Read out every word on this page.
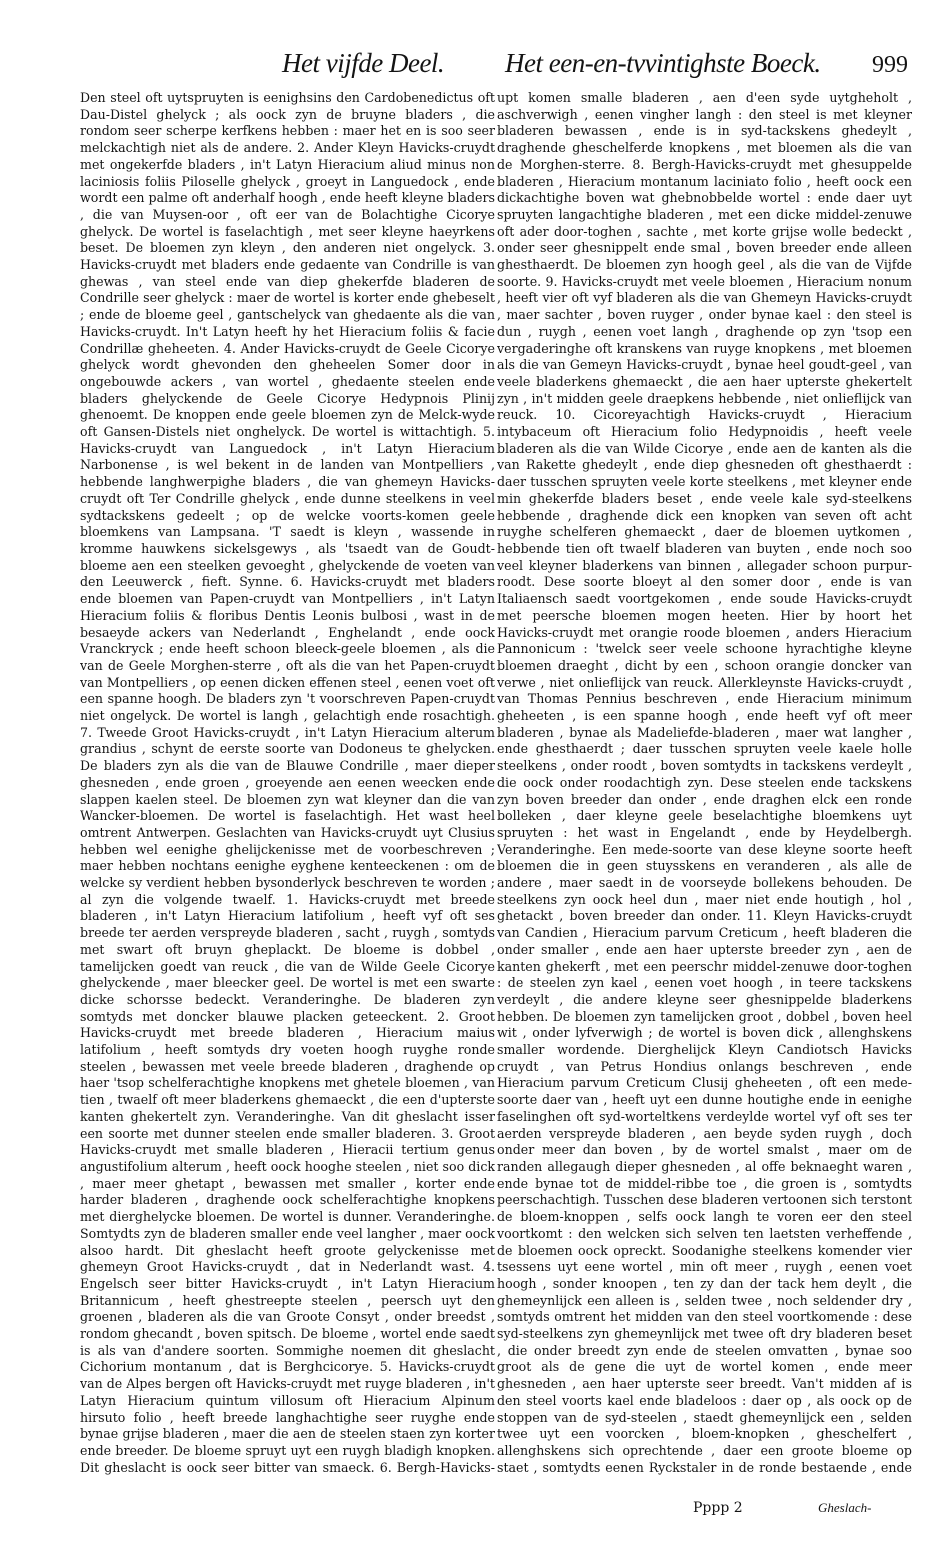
Het vijfde Deel. Het een-en-tvvintighste Boeck. 999

Den steel oft uytspruyten is eenighsins den Cardobenedictus oft Dau-Distel ghelyck ; als oock zyn de bruyne bladers , die rondom seer scherpe kerfkens hebben : maer het en is soo seer melckachtigh niet als de andere. 2. Ander Kleyn Havicks-cruydt met ongekerfde bladers , in't Latyn Hieracium aliud minus non laciniosis foliis Piloselle ghelyck , groeyt in Languedock , ende wordt een palme oft anderhalf hoogh , ende heeft kleyne bladers , die van Muysen-oor , oft eer van de Bolachtighe Cicorye ghelyck. De wortel is faselachtigh , met seer kleyne haeyrkens beset. De bloemen zyn kleyn , den anderen niet ongelyck. 3. Havicks-cruydt met bladers ende gedaente van Condrille is van ghewas , van steel ende van diep ghekerfde bladeren de Condrille seer ghelyck : maer de wortel is korter ende ghebeselt ; ende de bloeme geel , gantschelyck van ghedaente als die van Havicks-cruydt. In't Latyn heeft hy het Hieracium foliis & facie Condrillæ gheheeten. 4. Ander Havicks-cruydt de Geele Cicorye ghelyck wordt ghevonden den gheheelen Somer door in ongebouwde ackers , van wortel , ghedaente steelen ende bladers ghelyckende de Geele Cicorye Hedypnois Plinij ghenoemt. De knoppen ende geele bloemen zyn de Melck-wyde oft Gansen-Distels niet onghelyck. De wortel is wittachtigh. 5. Havicks-cruydt van Languedock , in't Latyn Hieracium Narbonense , is wel bekent in de landen van Montpelliers , hebbende langhwerpighe bladers , die van ghemeyn Havicks-cruydt oft Ter Condrille ghelyck , ende dunne steelkens in veel sydtackskens gedeelt ; op de welcke voorts-komen geele bloemkens van Lampsana. 'T saedt is kleyn , wassende in kromme hauwkens sickelsgewys , als 'tsaedt van de Goudt-bloeme aen een steelken gevoeght , ghelyckende de voeten van den Leeuwerck , fieft. Synne. 6. Havicks-cruydt met bladers ende bloemen van Papen-cruydt van Montpelliers , in't Latyn Hieracium foliis & floribus Dentis Leonis bulbosi , wast in de besaeyde ackers van Nederlandt , Enghelandt , ende oock Vranckryck ; ende heeft schoon bleeck-geele bloemen , als die van de Geele Morghen-sterre , oft als die van het Papen-cruydt van Montpelliers , op eenen dicken effenen steel , eenen voet oft een spanne hoogh. De bladers zyn 't voorschreven Papen-cruydt niet ongelyck. De wortel is langh , gelachtigh ende rosachtigh. 7. Tweede Groot Havicks-cruydt , in't Latyn Hieracium alterum grandius , schynt de eerste soorte van Dodoneus te ghelycken. De bladers zyn als die van de Blauwe Condrille , maer dieper ghesneden , ende groen , groeyende aen eenen weecken ende slappen kaelen steel. De bloemen zyn wat kleyner dan die van Wancker-bloemen. De wortel is faselachtigh. Het wast heel omtrent Antwerpen. Geslachten van Havicks-cruydt uyt Clusius hebben wel eenighe ghelijckenisse met de voorbeschreven ; maer hebben nochtans eenighe eyghene kenteeckenen : om de welcke sy verdient hebben bysonderlyck beschreven te worden ; al zyn die volgende twaelf. 1. Havicks-cruydt met breede bladeren , in't Latyn Hieracium latifolium , heeft vyf oft ses breede ter aerden verspreyde bladeren , sacht , ruygh , somtyds met swart oft bruyn gheplackt. De bloeme is dobbel , tamelijcken goedt van reuck , die van de Wilde Geele Cicorye ghelyckende , maer bleecker geel. De wortel is met een swarte dicke schorsse bedeckt. Veranderinghe. De bladeren zyn somtyds met doncker blauwe placken geteeckent. 2. Groot Havicks-cruydt met breede bladeren , Hieracium maius latifolium , heeft somtyds dry voeten hoogh ruyghe ronde steelen , bewassen met veele breede bladeren , draghende op haer 'tsop schelferachtighe knopkens met ghetele bloemen , van tien , twaelf oft meer bladerkens ghemaeckt , die een d'upterste kanten ghekertelt zyn. Veranderinghe. Van dit gheslacht isser een soorte met dunner steelen ende smaller bladeren. 3. Groot Havicks-cruydt met smalle bladeren , Hieracii tertium genus angustifolium alterum , heeft oock hooghe steelen , niet soo dick , maer meer ghetapt , bewassen met smaller , korter ende harder bladeren , draghende oock schelferachtighe knopkens met dierghelycke bloemen. De wortel is dunner. Veranderinghe. Somtydts zyn de bladeren smaller ende veel langher , maer oock alsoo hardt. Dit gheslacht heeft groote gelyckenisse met ghemeyn Groot Havicks-cruydt , dat in Nederlandt wast. 4. Engelsch seer bitter Havicks-cruydt , in't Latyn Hieracium Britannicum , heeft ghestreepte steelen , peersch uyt den groenen , bladeren als die van Groote Consyt , onder breedst , rondom ghecandt , boven spitsch. De bloeme , wortel ende saedt is als van d'andere soorten. Sommighe noemen dit gheslacht Cichorium montanum , dat is Berghcicorye. 5. Havicks-cruydt van de Alpes bergen oft Havicks-cruydt met ruyge bladeren , in't Latyn Hieracium quintum villosum oft Hieracium Alpinum hirsuto folio , heeft breede langhachtighe seer ruyghe ende bynae grijse bladeren , maer die aen de steelen staen zyn korter ende breeder. De bloeme spruyt uyt een ruygh bladigh knopken. Dit gheslacht is oock seer bitter van smaeck. 6. Bergh-Havicks-

upt komen smalle bladeren , aen d'een syde uytgheholt , aschverwigh , eenen vingher langh : den steel is met kleyner bladeren bewassen , ende is in syd-tackskens ghedeylt , draghende gheschelferde knopkens , met bloemen als die van de Morghen-sterre. 8. Bergh-Havicks-cruydt met ghesuppelde bladeren , Hieracium montanum laciniato folio , heeft oock een dickachtighe boven wat ghebnobbelde wortel : ende daer uyt spruyten langachtighe bladeren , met een dicke middel-zenuwe oft ader door-toghen , sachte , met korte grijse wolle bedeckt , onder seer ghesnippelt ende smal , boven breeder ende alleen ghesthaerdt. De bloemen zyn hoogh geel , als die van de Vijfde soorte. 9. Havicks-cruydt met veele bloemen , Hieracium nonum , heeft vier oft vyf bladeren als die van Ghemeyn Havicks-cruydt , maer sachter , boven ruyger , onder bynae kael : den steel is dun , ruygh , eenen voet langh , draghende op zyn 'tsop een vergaderinghe oft kranskens van ruyge knopkens , met bloemen als die van Gemeyn Havicks-cruydt , bynae heel goudt-geel , van veele bladerkens ghemaeckt , die aen haer upterste ghekertelt zyn , in't midden geele draepkens hebbende , niet onlieflijck van reuck. 10. Cicoreyachtigh Havicks-cruydt , Hieracium intybaceum oft Hieracium folio Hedypnoidis , heeft veele bladeren als die van Wilde Cicorye , ende aen de kanten als die van Rakette ghedeylt , ende diep ghesneden oft ghesthaerdt : daer tusschen spruyten veele korte steelkens , met kleyner ende min ghekerfde bladers beset , ende veele kale syd-steelkens hebbende , draghende dick een knopken van seven oft acht ruyghe schelferen ghemaeckt , daer de bloemen uytkomen , hebbende tien oft twaelf bladeren van buyten , ende noch soo veel kleyner bladerkens van binnen , allegader schoon purpur-roodt. Dese soorte bloeyt al den somer door , ende is van Italiaensch saedt voortgekomen , ende soude Havicks-cruydt met peersche bloemen mogen heeten. Hier by hoort het Havicks-cruydt met orangie roode bloemen , anders Hieracium Pannonicum : 'twelck seer veele schoone hyrachtighe kleyne bloemen draeght , dicht by een , schoon orangie doncker van verwe , niet onlieflijck van reuck. Allerkleynste Havicks-cruydt , van Thomas Pennius beschreven , ende Hieracium minimum gheheeten , is een spanne hoogh , ende heeft vyf oft meer bladeren , bynae als Madeliefde-bladeren , maer wat langher , ende ghesthaerdt ; daer tusschen spruyten veele kaele holle steelkens , onder roodt , boven somtydts in tackskens verdeylt , die oock onder roodachtigh zyn. Dese steelen ende tackskens zyn boven breeder dan onder , ende draghen elck een ronde bolleken , daer kleyne geele beselachtighe bloemkens uyt spruyten : het wast in Engelandt , ende by Heydelbergh. Veranderinghe. Een mede-soorte van dese kleyne soorte heeft bloemen die in geen stuysskens en veranderen , als alle de andere , maer saedt in de voorseyde bollekens behouden. De steelkens zyn oock heel dun , maer niet ende houtigh , hol , ghetackt , boven breeder dan onder. 11. Kleyn Havicks-cruydt van Candien , Hieracium parvum Creticum , heeft bladeren die onder smaller , ende aen haer upterste breeder zyn , aen de kanten ghekerft , met een peerschr middel-zenuwe door-toghen : de steelen zyn kael , eenen voet hoogh , in teere tackskens verdeylt , die andere kleyne seer ghesnippelde bladerkens hebben. De bloemen zyn tamelijcken groot , dobbel , boven heel wit , onder lyfverwigh ; de wortel is boven dick , allenghskens smaller wordende. Dierghelijck Kleyn Candiotsch Havicks cruydt , van Petrus Hondius onlangs beschreven , ende Hieracium parvum Creticum Clusij gheheeten , oft een mede-soorte daer van , heeft uyt een dunne houtighe ende in eenighe faselinghen oft syd-worteltkens verdeylde wortel vyf oft ses ter aerden verspreyde bladeren , aen beyde syden ruygh , doch onder meer dan boven , by de wortel smalst , maer om de randen allegaugh dieper ghesneden , al offe beknaeght waren , ende bynae tot de middel-ribbe toe , die groen is , somtydts peerschachtigh. Tusschen dese bladeren vertoonen sich terstont de bloem-knoppen , selfs oock langh te voren eer den steel voortkomt : den welcken sich selven ten laetsten verheffende , de bloemen oock opreckt. Soodanighe steelkens komender vier tsessens uyt eene wortel , min oft meer , ruygh , eenen voet hoogh , sonder knoopen , ten zy dan der tack hem deylt , die ghemeynlijck een alleen is , selden twee , noch seldender dry , somtyds omtrent het midden van den steel voortkomende : dese syd-steelkens zyn ghemeynlijck met twee oft dry bladeren beset , die onder breedt zyn ende de steelen omvatten , bynae soo groot als de gene die uyt de wortel komen , ende meer ghesneden , aen haer upterste seer breedt. Van't midden af is den steel voorts kael ende bladeloos : daer op , als oock op de stoppen van de syd-steelen , staedt ghemeynlijck een , selden twee uyt een voorcken , bloem-knopken , gheschelfert , allenghskens sich oprechtende , daer een groote bloeme op staet , somtydts eenen Ryckstaler in de ronde bestaende , ende

Pppp 2	Gheslach-
